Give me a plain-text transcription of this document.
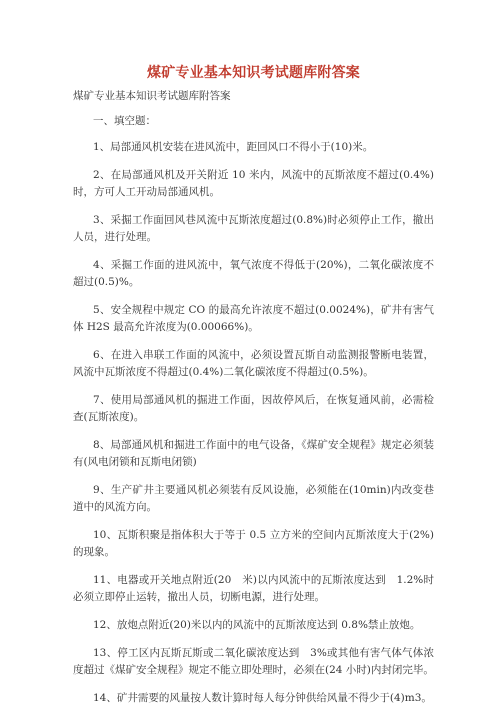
煤矿专业基本知识考试题库附答案
煤矿专业基本知识考试题库附答案
一、填空题：
1、局部通风机安装在进风流中，距回风口不得小于(10)米。
2、在局部通风机及开关附近 10 米内，风流中的瓦斯浓度不超过(0.4%)时，方可人工开动局部通风机。
3、采掘工作面回风巷风流中瓦斯浓度超过(0.8%)时必须停止工作，撤出人员，进行处理。
4、采掘工作面的进风流中，氧气浓度不得低于(20%)，二氧化碳浓度不超过(0.5)%。
5、安全规程中规定 CO 的最高允许浓度不超过(0.0024%)，矿井有害气体 H2S 最高允许浓度为(0.00066%)。
6、在进入串联工作面的风流中，必须设置瓦斯自动监测报警断电装置，风流中瓦斯浓度不得超过(0.4%)二氧化碳浓度不得超过(0.5%)。
7、使用局部通风机的掘进工作面，因故停风后，在恢复通风前，必需检查(瓦斯浓度)。
8、局部通风机和掘进工作面中的电气设备，《煤矿安全规程》规定必须装有(风电闭锁和瓦斯电闭锁)
9、生产矿井主要通风机必须装有反风设施，必须能在(10min)内改变巷道中的风流方向。
10、瓦斯积聚是指体积大于等于 0.5 立方米的空间内瓦斯浓度大于(2%)的现象。
11、电器或开关地点附近(20　米)以内风流中的瓦斯浓度达到　1.2%时必须立即停止运转，撤出人员，切断电源，进行处理。
12、放炮点附近(20)米以内的风流中的瓦斯浓度达到 0.8%禁止放炮。
13、停工区内瓦斯瓦斯或二氧化碳浓度达到　3%或其他有害气体气体浓度超过《煤矿安全规程》规定不能立即处理时，必须在(24 小时)内封闭完毕。
14、矿井需要的风量按人数计算时每人每分钟供给风量不得少于(4)m3。
